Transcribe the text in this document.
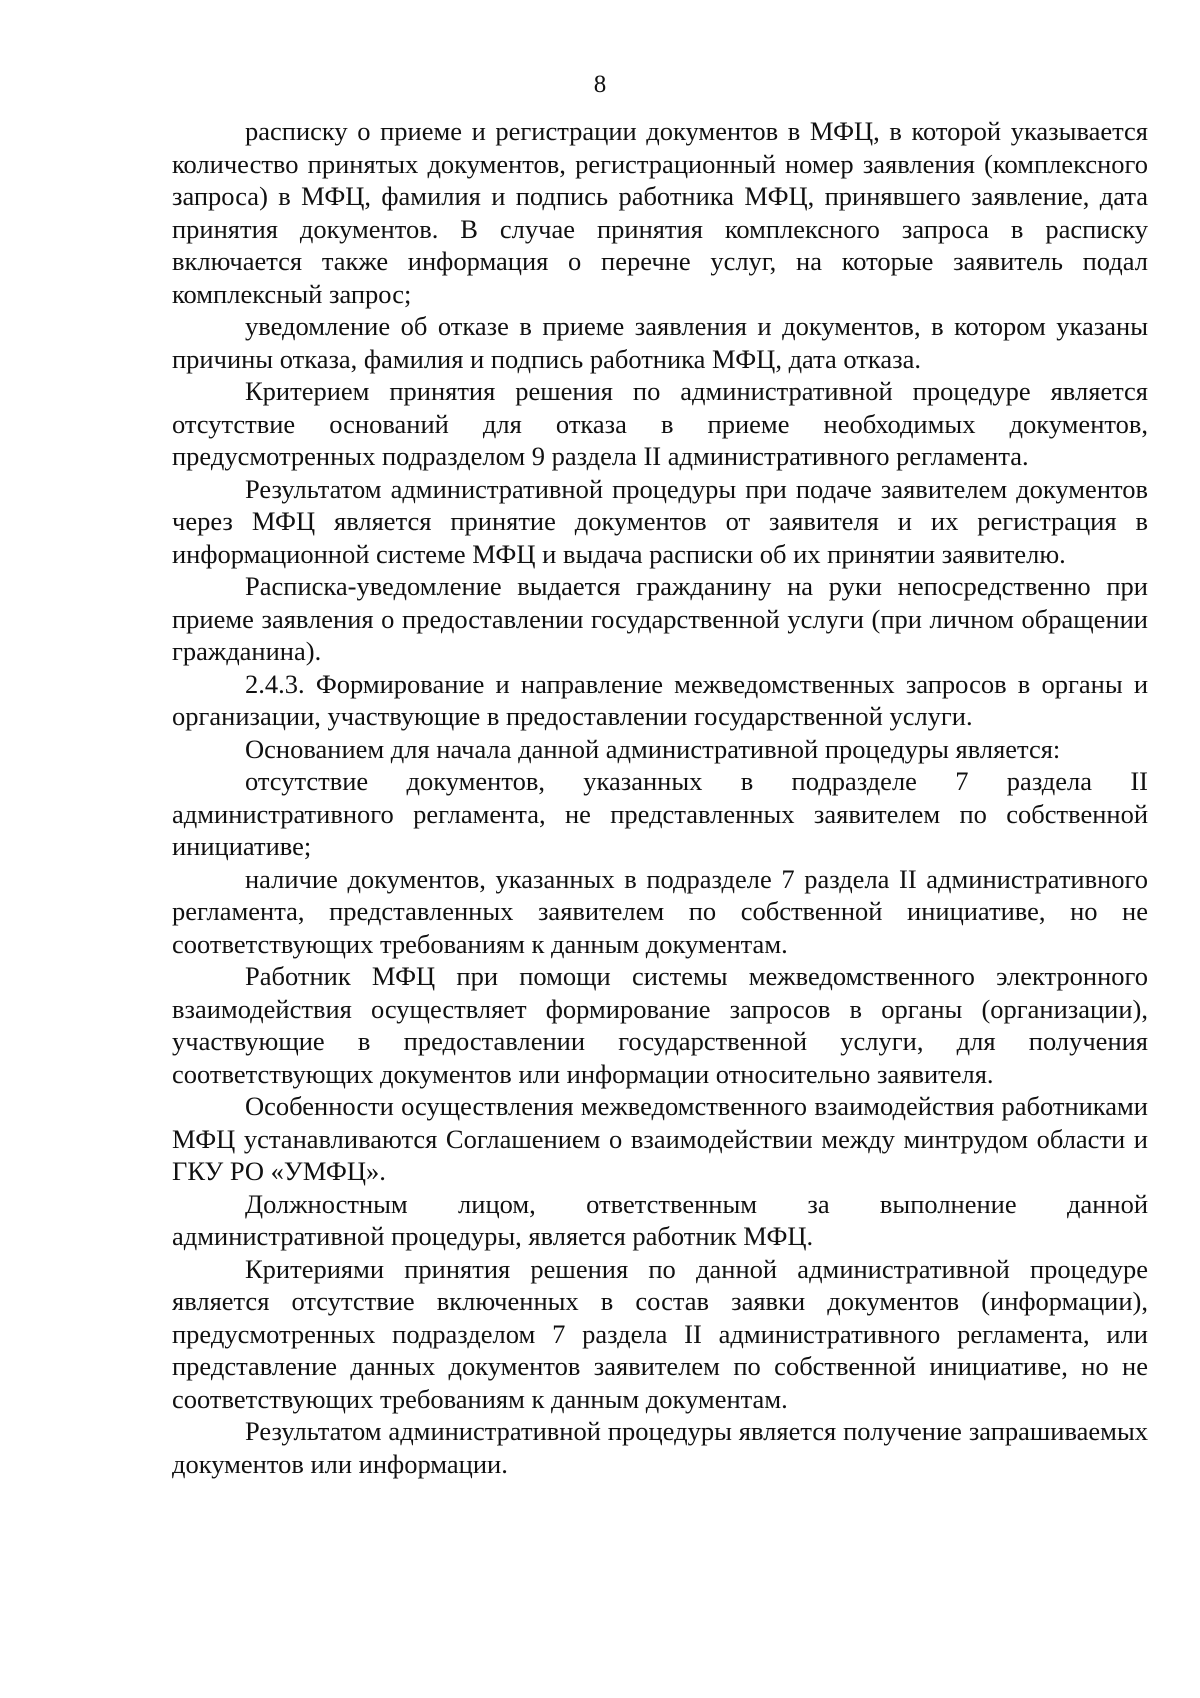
8

расписку о приеме и регистрации документов в МФЦ, в которой указывается количество принятых документов, регистрационный номер заявления (комплексного запроса) в МФЦ, фамилия и подпись работника МФЦ, принявшего заявление, дата принятия документов. В случае принятия комплексного запроса в расписку включается также информация о перечне услуг, на которые заявитель подал комплексный запрос;

уведомление об отказе в приеме заявления и документов, в котором указаны причины отказа, фамилия и подпись работника МФЦ, дата отказа.

Критерием принятия решения по административной процедуре является отсутствие оснований для отказа в приеме необходимых документов, предусмотренных подразделом 9 раздела II административного регламента.

Результатом административной процедуры при подаче заявителем документов через МФЦ является принятие документов от заявителя и их регистрация в информационной системе МФЦ и выдача расписки об их принятии заявителю.

Расписка-уведомление выдается гражданину на руки непосредственно при приеме заявления о предоставлении государственной услуги (при личном обращении гражданина).

2.4.3. Формирование и направление межведомственных запросов в органы и организации, участвующие в предоставлении государственной услуги.

Основанием для начала данной административной процедуры является:

отсутствие документов, указанных в подразделе 7 раздела II административного регламента, не представленных заявителем по собственной инициативе;

наличие документов, указанных в подразделе 7 раздела II административного регламента, представленных заявителем по собственной инициативе, но не соответствующих требованиям к данным документам.

Работник МФЦ при помощи системы межведомственного электронного взаимодействия осуществляет формирование запросов в органы (организации), участвующие в предоставлении государственной услуги, для получения соответствующих документов или информации относительно заявителя.

Особенности осуществления межведомственного взаимодействия работниками МФЦ устанавливаются Соглашением о взаимодействии между минтрудом области и ГКУ РО «УМФЦ».

Должностным лицом, ответственным за выполнение данной административной процедуры, является работник МФЦ.

Критериями принятия решения по данной административной процедуре является отсутствие включенных в состав заявки документов (информации), предусмотренных подразделом 7 раздела II административного регламента, или представление данных документов заявителем по собственной инициативе, но не соответствующих требованиям к данным документам.

Результатом административной процедуры является получение запрашиваемых документов или информации.
